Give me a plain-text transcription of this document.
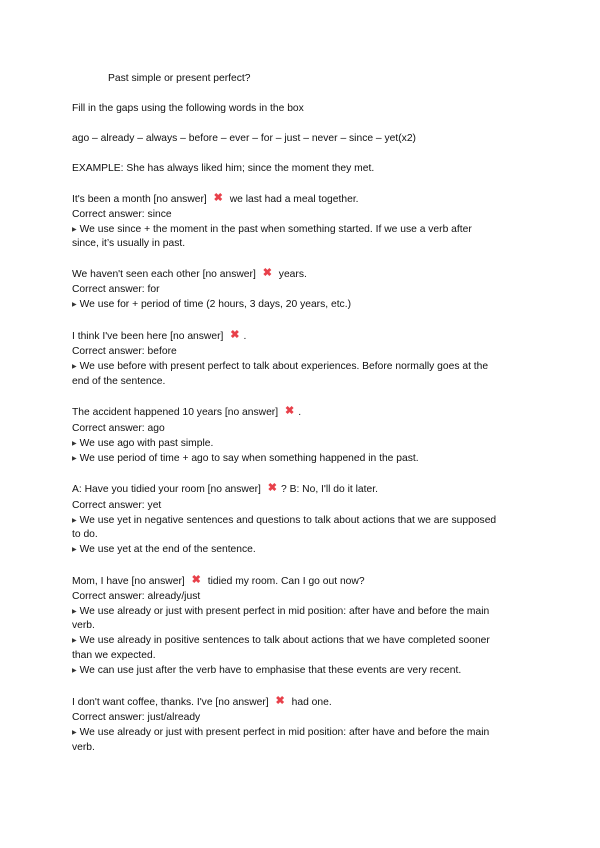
Past simple or present perfect?
Fill in the gaps using the following words in the box
ago – already – always – before – ever – for – just – never – since – yet(x2)
EXAMPLE: She has always liked him; since the moment they met.
It's been a month [no answer] ✖ we last had a meal together.
Correct answer: since
▶ We use since + the moment in the past when something started. If we use a verb after
since, it’s usually in past.
We haven't seen each other [no answer] ✖ years.
Correct answer: for
▶ We use for + period of time (2 hours, 3 days, 20 years, etc.)
I think I've been here [no answer] ✖ .
Correct answer: before
▶ We use before with present perfect to talk about experiences. Before normally goes at the
end of the sentence.
The accident happened 10 years [no answer] ✖ .
Correct answer: ago
▶ We use ago with past simple.
▶ We use period of time + ago to say when something happened in the past.
A: Have you tidied your room [no answer] ✖ ? B: No, I'll do it later.
Correct answer: yet
▶ We use yet in negative sentences and questions to talk about actions that we are supposed
to do.
▶ We use yet at the end of the sentence.
Mom, I have [no answer] ✖ tidied my room. Can I go out now?
Correct answer: already/just
▶ We use already or just with present perfect in mid position: after have and before the main
verb.
▶ We use already in positive sentences to talk about actions that we have completed sooner
than we expected.
▶ We can use just after the verb have to emphasise that these events are very recent.
I don't want coffee, thanks. I've [no answer] ✖ had one.
Correct answer: just/already
▶ We use already or just with present perfect in mid position: after have and before the main
verb.
